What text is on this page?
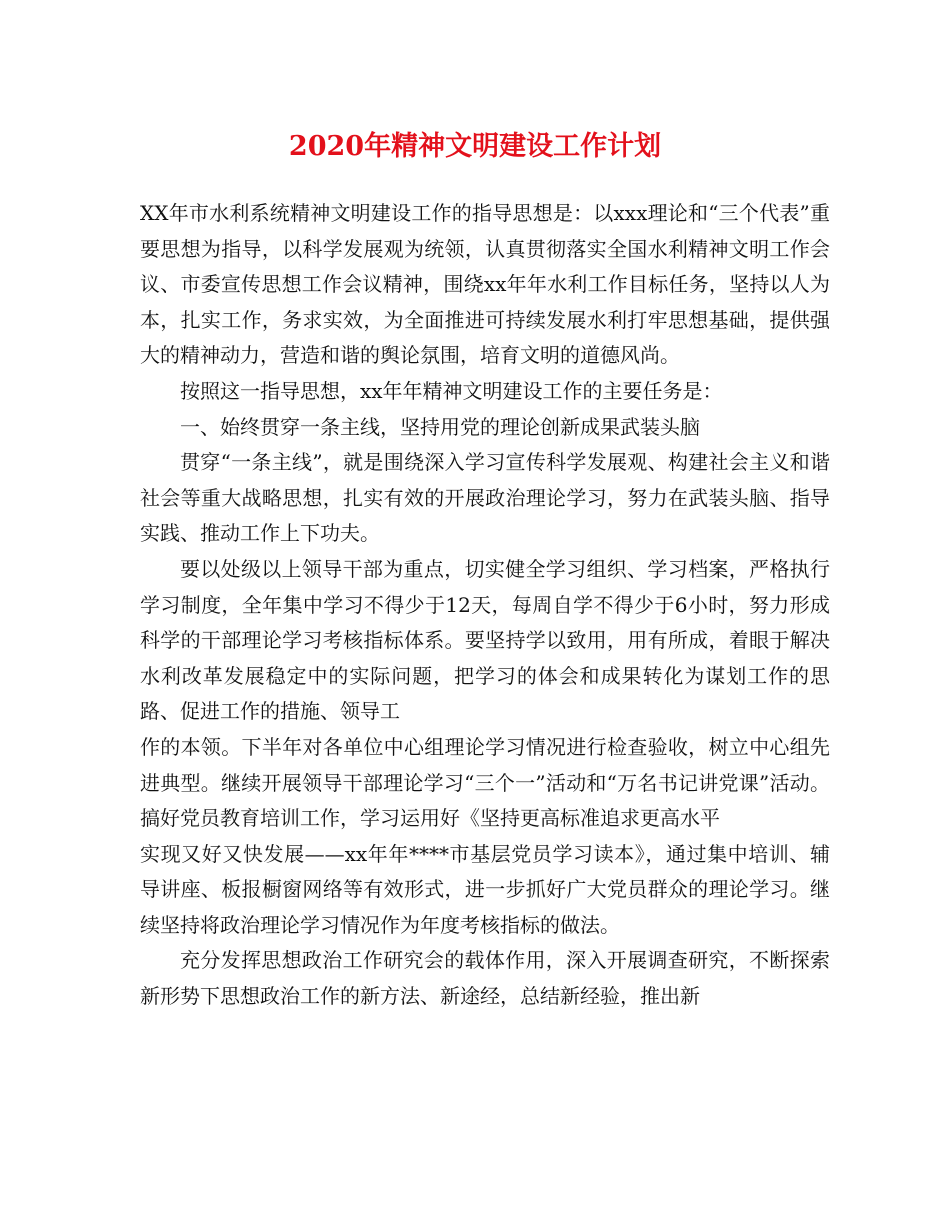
2020年精神文明建设工作计划

XX年市水利系统精神文明建设工作的指导思想是：以xxx理论和“三个代表”重要思想为指导，以科学发展观为统领，认真贯彻落实全国水利精神文明工作会议、市委宣传思想工作会议精神，围绕xx年年水利工作目标任务，坚持以人为本，扎实工作，务求实效，为全面推进可持续发展水利打牢思想基础，提供强大的精神动力，营造和谐的舆论氛围，培育文明的道德风尚。

按照这一指导思想，xx年年精神文明建设工作的主要任务是：

一、始终贯穿一条主线，坚持用党的理论创新成果武装头脑

贯穿“一条主线”，就是围绕深入学习宣传科学发展观、构建社会主义和谐社会等重大战略思想，扎实有效的开展政治理论学习，努力在武装头脑、指导实践、推动工作上下功夫。

要以处级以上领导干部为重点，切实健全学习组织、学习档案，严格执行学习制度，全年集中学习不得少于12天，每周自学不得少于6小时，努力形成科学的干部理论学习考核指标体系。要坚持学以致用，用有所成，着眼于解决水利改革发展稳定中的实际问题，把学习的体会和成果转化为谋划工作的思路、促进工作的措施、领导工

作的本领。下半年对各单位中心组理论学习情况进行检查验收，树立中心组先进典型。继续开展领导干部理论学习“三个一”活动和“万名书记讲党课”活动。搞好党员教育培训工作，学习运用好《坚持更高标准追求更高水平

实现又好又快发展——xx年年****市基层党员学习读本》，通过集中培训、辅导讲座、板报橱窗网络等有效形式，进一步抓好广大党员群众的理论学习。继续坚持将政治理论学习情况作为年度考核指标的做法。

充分发挥思想政治工作研究会的载体作用，深入开展调查研究，不断探索新形势下思想政治工作的新方法、新途经，总结新经验，推出新
